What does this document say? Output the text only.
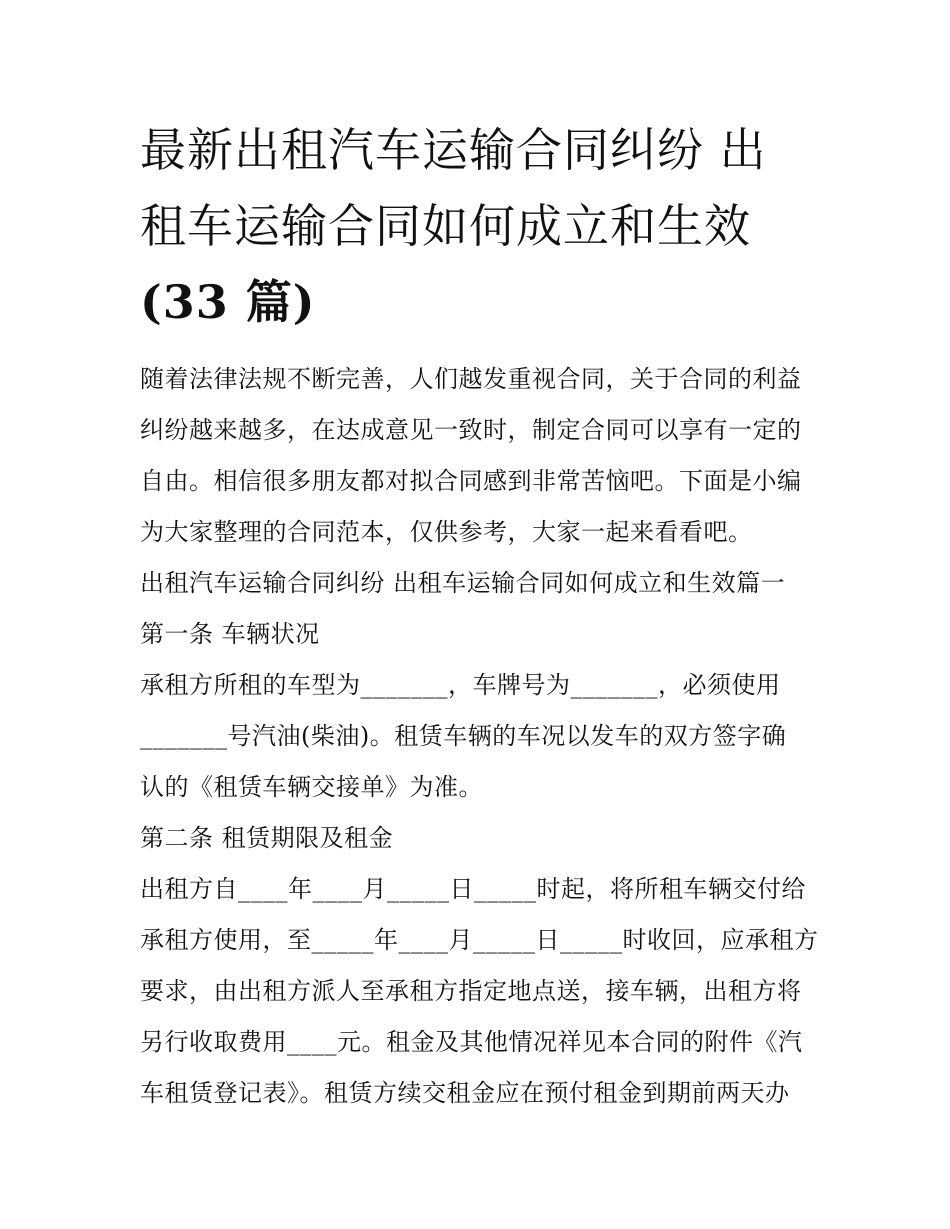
最新出租汽车运输合同纠纷 出
租车运输合同如何成立和生效
(33 篇)

随着法律法规不断完善，人们越发重视合同，关于合同的利益

纠纷越来越多，在达成意见一致时，制定合同可以享有一定的

自由。相信很多朋友都对拟合同感到非常苦恼吧。下面是小编

为大家整理的合同范本，仅供参考，大家一起来看看吧。

出租汽车运输合同纠纷 出租车运输合同如何成立和生效篇一

第一条 车辆状况

承租方所租的车型为_______，车牌号为_______，必须使用

_______号汽油(柴油)。租赁车辆的车况以发车的双方签字确

认的《租赁车辆交接单》为准。

第二条 租赁期限及租金

出租方自____年____月_____日_____时起，将所租车辆交付给

承租方使用，至_____年____月_____日_____时收回，应承租方

要求，由出租方派人至承租方指定地点送，接车辆，出租方将

另行收取费用____元。租金及其他情况祥见本合同的附件《汽

车租赁登记表》。租赁方续交租金应在预付租金到期前两天办
